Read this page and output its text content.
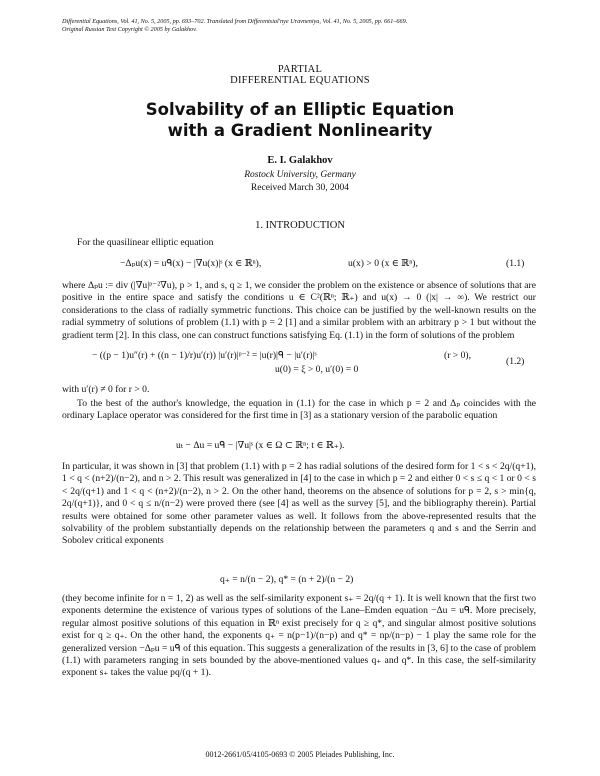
Differential Equations, Vol. 41, No. 5, 2005, pp. 693–702. Translated from Differentsial'nye Uravneniya, Vol. 41, No. 5, 2005, pp. 661–669.
Original Russian Text Copyright © 2005 by Galakhov.
PARTIAL
DIFFERENTIAL EQUATIONS
Solvability of an Elliptic Equation
with a Gradient Nonlinearity
E. I. Galakhov
Rostock University, Germany
Received March 30, 2004
1. INTRODUCTION
For the quasilinear elliptic equation
−Δₚu(x) = uᑫ(x) − |∇u(x)|ˢ (x ∈ ℝⁿ),	u(x) > 0 (x ∈ ℝⁿ),	(1.1)
where Δₚu := div (|∇u|ᵖ⁻²∇u), p > 1, and s, q ≥ 1, we consider the problem on the existence or absence of solutions that are positive in the entire space and satisfy the conditions u ∈ C²(ℝⁿ; ℝ₊) and u(x) → 0 (|x| → ∞). We restrict our considerations to the class of radially symmetric functions. This choice can be justified by the well-known results on the radial symmetry of solutions of problem (1.1) with p = 2 [1] and a similar problem with an arbitrary p > 1 but without the gradient term [2]. In this class, one can construct functions satisfying Eq. (1.1) in the form of solutions of the problem
− ((p − 1)u″(r) + ((n − 1)/r)u′(r)) |u′(r)|ᵖ⁻² = |u(r)|ᑫ − |u′(r)|ˢ	(r > 0),
u(0) = ξ > 0, u′(0) = 0
(1.2)
with u′(r) ≠ 0 for r > 0.
To the best of the author's knowledge, the equation in (1.1) for the case in which p = 2 and Δₚ coincides with the ordinary Laplace operator was considered for the first time in [3] as a stationary version of the parabolic equation
uₜ − Δu = uᑫ − |∇u|ˢ (x ∈ Ω ⊂ ℝⁿ; t ∈ ℝ₊).
In particular, it was shown in [3] that problem (1.1) with p = 2 has radial solutions of the desired form for 1 < s < 2q/(q+1), 1 < q < (n+2)/(n−2), and n > 2. This result was generalized in [4] to the case in which p = 2 and either 0 < s ≤ q < 1 or 0 < s < 2q/(q+1) and 1 < q < (n+2)/(n−2), n > 2. On the other hand, theorems on the absence of solutions for p = 2, s > min{q, 2q/(q+1)}, and 0 < q ≤ n/(n−2) were proved there (see [4] as well as the survey [5], and the bibliography therein). Partial results were obtained for some other parameter values as well. It follows from the above-represented results that the solvability of the problem substantially depends on the relationship between the parameters q and s and the Serrin and Sobolev critical exponents
q₊ = n/(n − 2), q* = (n + 2)/(n − 2)
(they become infinite for n = 1, 2) as well as the self-similarity exponent s₊ = 2q/(q + 1). It is well known that the first two exponents determine the existence of various types of solutions of the Lane–Emden equation −Δu = uᑫ. More precisely, regular almost positive solutions of this equation in ℝⁿ exist precisely for q ≥ q*, and singular almost positive solutions exist for q ≥ q₊. On the other hand, the exponents q₊ = n(p−1)/(n−p) and q* = np/(n−p) − 1 play the same role for the generalized version −Δₚu = uᑫ of this equation. This suggests a generalization of the results in [3, 6] to the case of problem (1.1) with parameters ranging in sets bounded by the above-mentioned values q₊ and q*. In this case, the self-similarity exponent s₊ takes the value pq/(q + 1).
0012-2661/05/4105-0693 © 2005 Pleiades Publishing, Inc.
